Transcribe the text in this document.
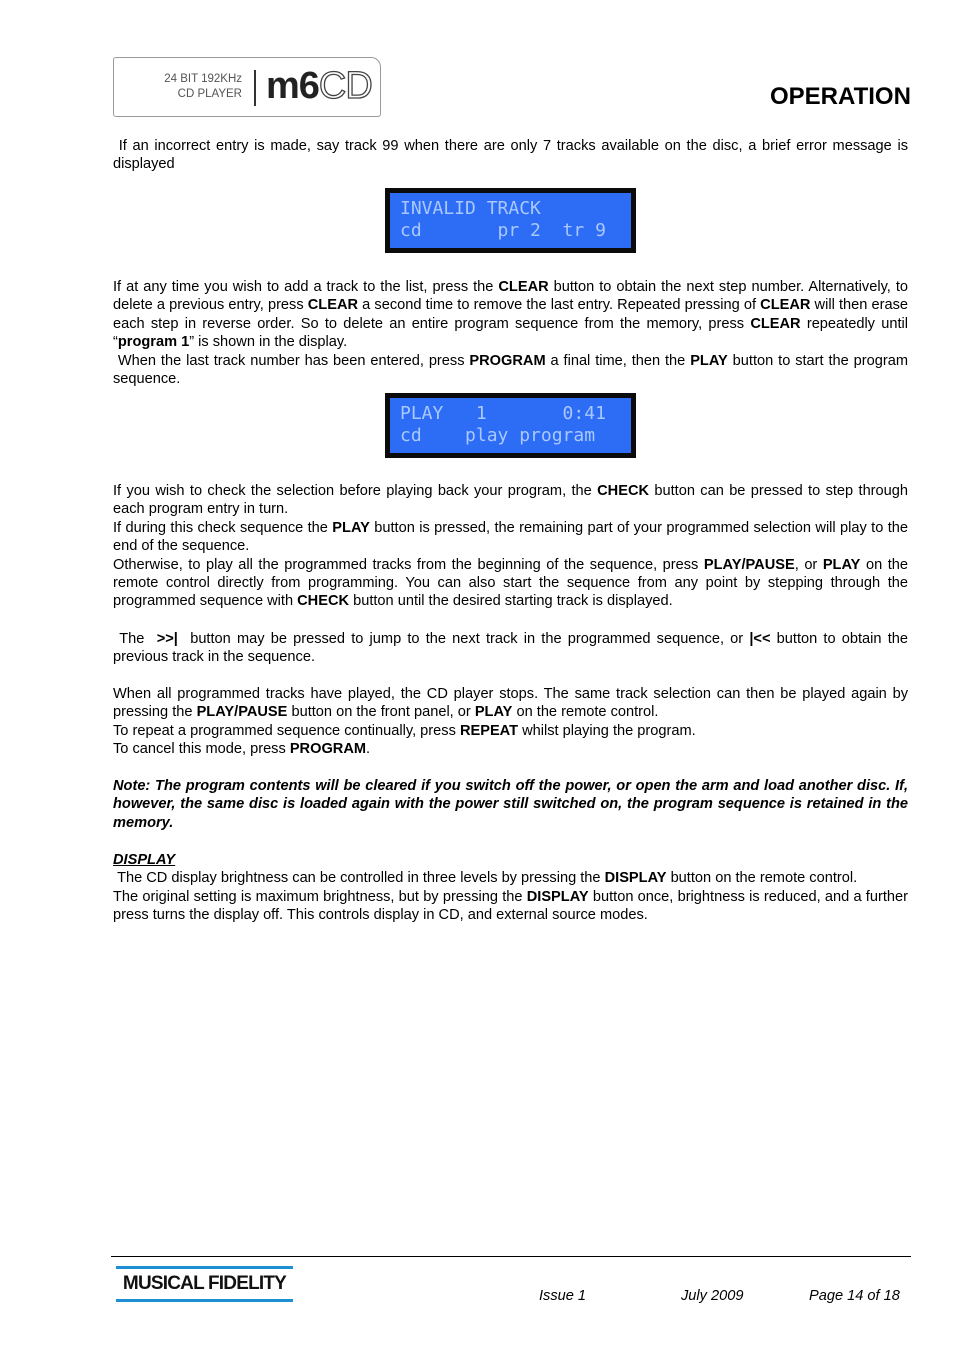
24 BIT 192KHz
CD PLAYER m6CD	OPERATION

If an incorrect entry is made, say track 99 when there are only 7 tracks available on the disc, a brief error message is displayed

INVALID TRACK
cd       pr 2  tr 9

If at any time you wish to add a track to the list, press the CLEAR button to obtain the next step number. Alternatively, to delete a previous entry, press CLEAR a second time to remove the last entry. Repeated pressing of CLEAR will then erase each step in reverse order. So to delete an entire program sequence from the memory, press CLEAR repeatedly until “program 1” is shown in the display.

When the last track number has been entered, press PROGRAM a final time, then the PLAY button to start the program sequence.

PLAY   1       0:41
cd    play program

If you wish to check the selection before playing back your program, the CHECK button can be pressed to step through each program entry in turn.

If during this check sequence the PLAY button is pressed, the remaining part of your programmed selection will play to the end of the sequence.

Otherwise, to play all the programmed tracks from the beginning of the sequence, press PLAY/PAUSE, or PLAY on the remote control directly from programming. You can also start the sequence from any point by stepping through the programmed sequence with CHECK button until the desired starting track is displayed.

The  >>|  button may be pressed to jump to the next track in the programmed sequence, or |<< button to obtain the previous track in the sequence.

When all programmed tracks have played, the CD player stops. The same track selection can then be played again by pressing the PLAY/PAUSE button on the front panel, or PLAY on the remote control.

To repeat a programmed sequence continually, press REPEAT whilst playing the program.

To cancel this mode, press PROGRAM.

Note: The program contents will be cleared if you switch off the power, or open the arm and load another disc. If, however, the same disc is loaded again with the power still switched on, the program sequence is retained in the memory.

DISPLAY

The CD display brightness can be controlled in three levels by pressing the DISPLAY button on the remote control.

The original setting is maximum brightness, but by pressing the DISPLAY button once, brightness is reduced, and a further press turns the display off. This controls display in CD, and external source modes.

MUSICAL FIDELITY
Issue 1	July 2009	Page 14 of 18
